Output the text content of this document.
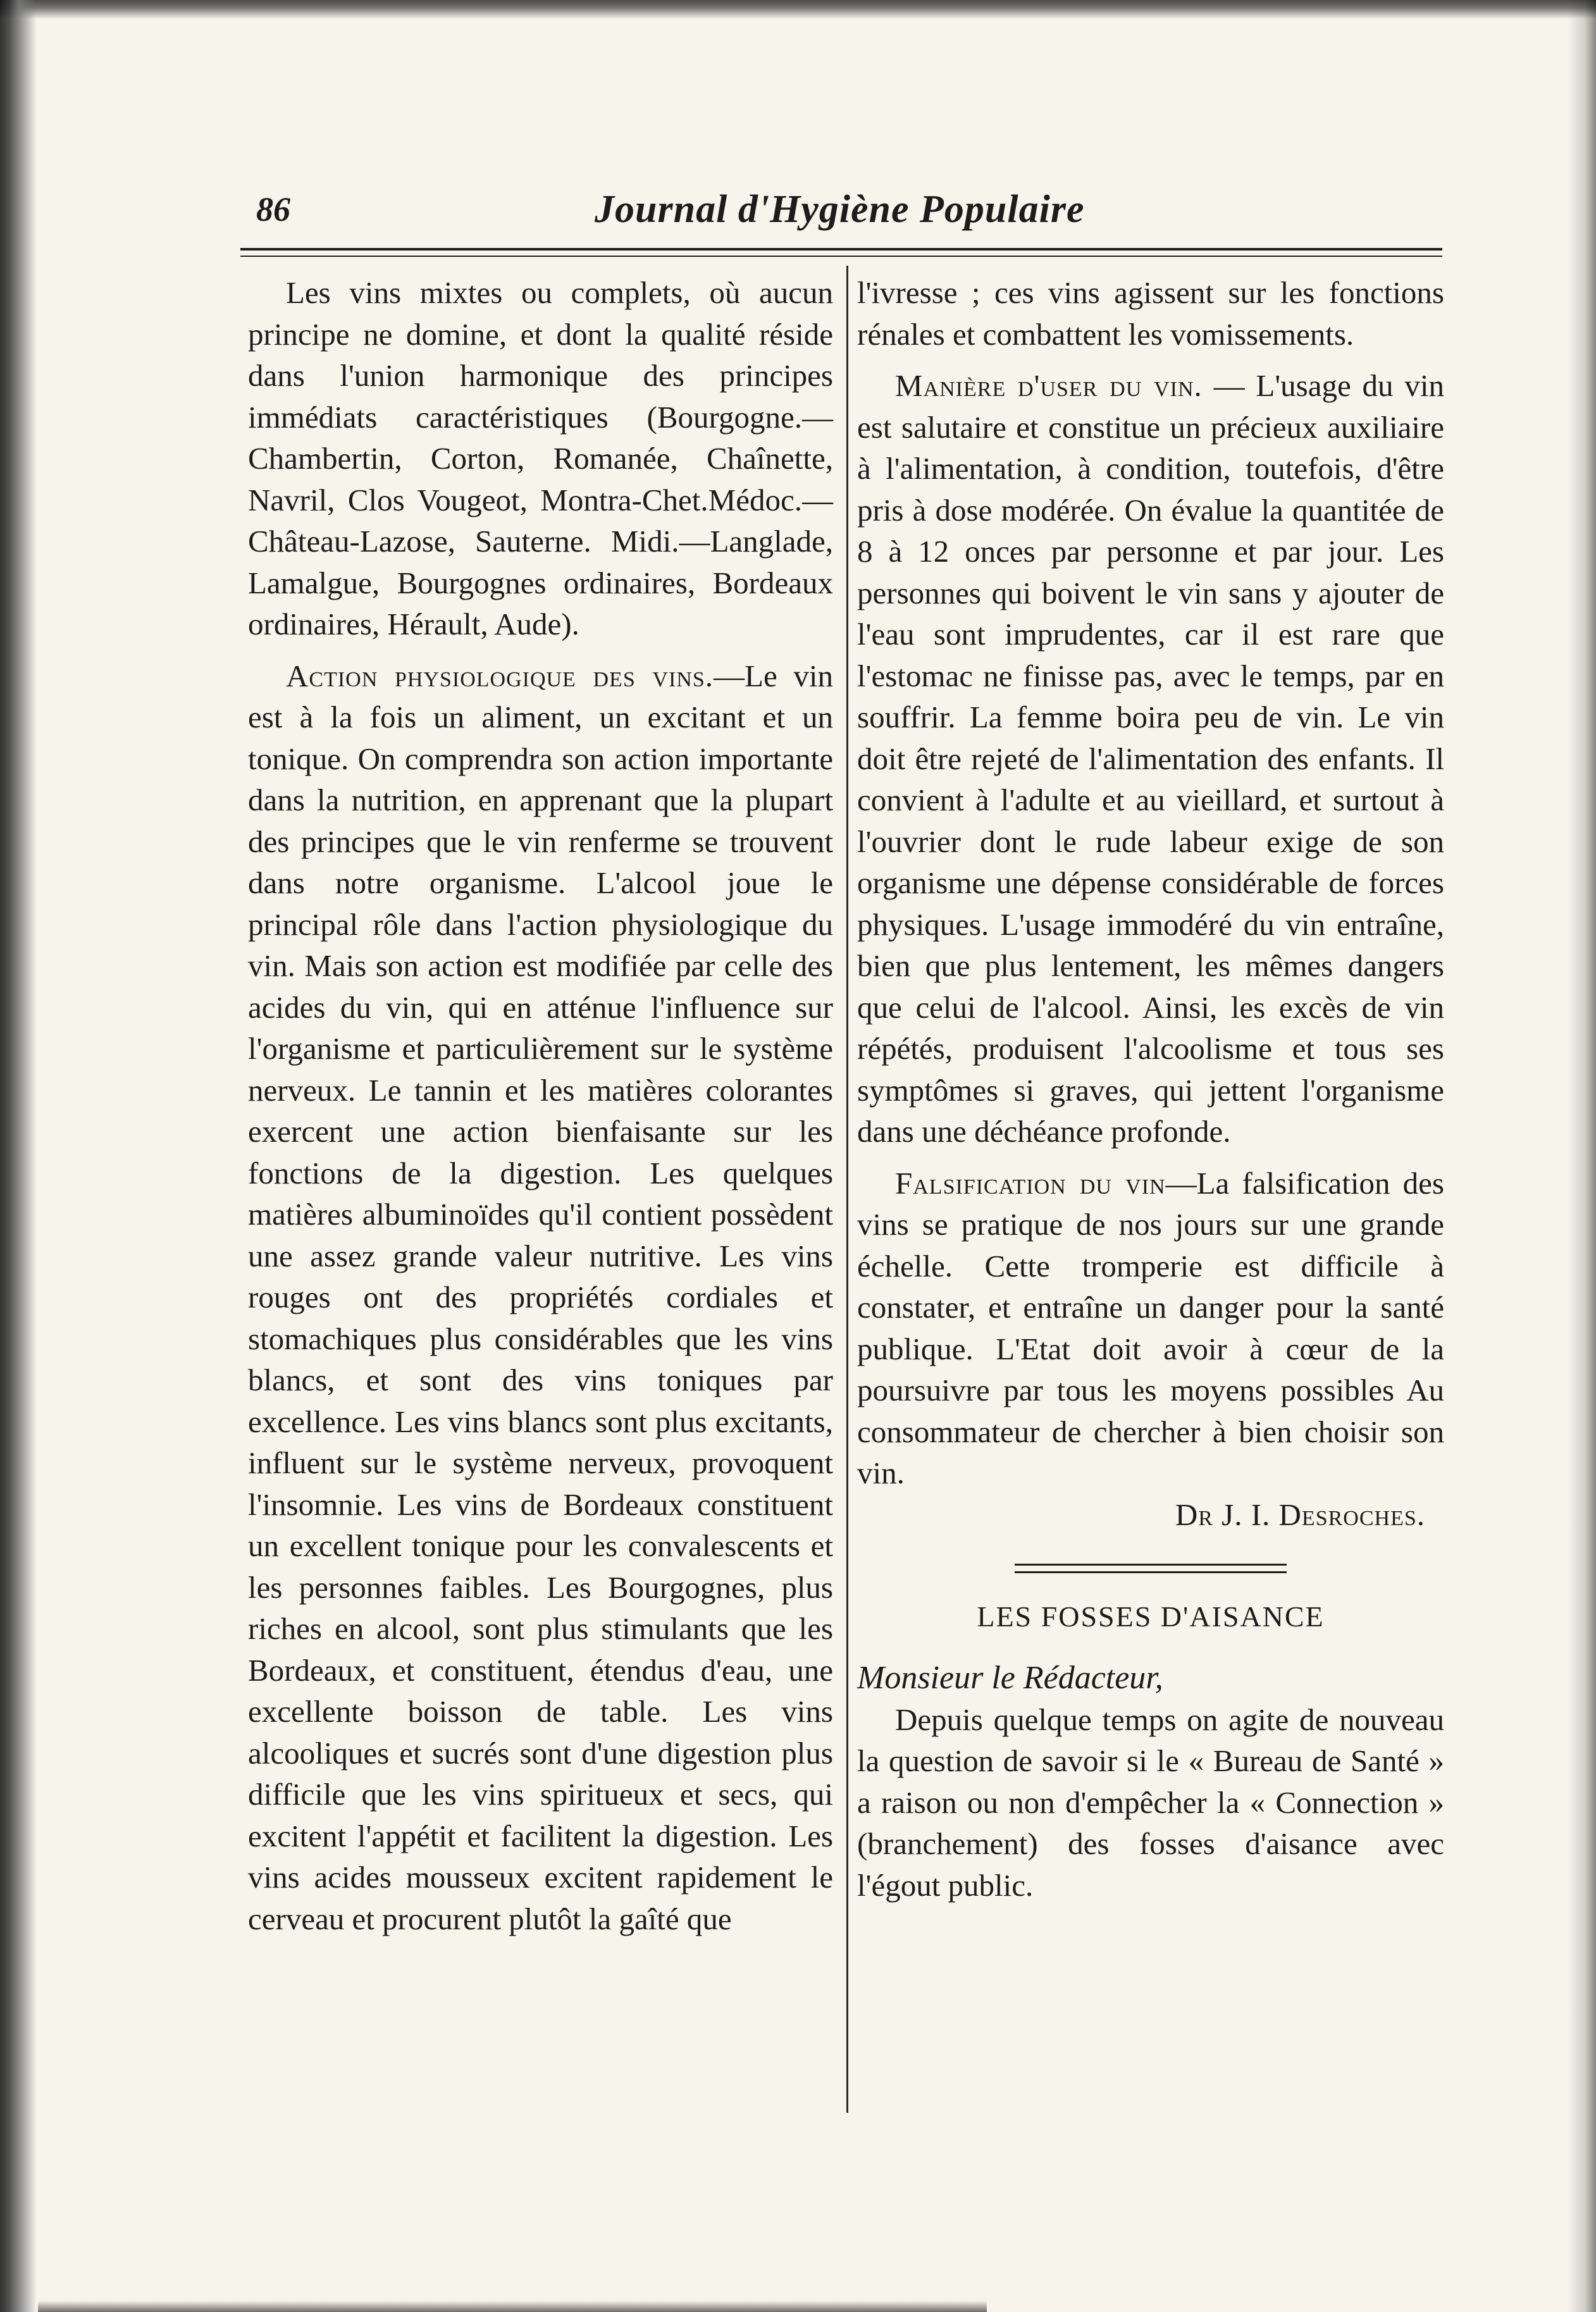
86	Journal d'Hygiène Populaire

Les vins mixtes ou complets, où aucun principe ne domine, et dont la qualité réside dans l'union harmonique des principes immédiats caractéristiques (Bourgogne.—Chambertin, Corton, Romanée, Chaînette, Navril, Clos Vougeot, Montra-Chet.Médoc.—Château-Lazose, Sauterne. Midi.—Langlade, Lamalgue, Bourgognes ordinaires, Bordeaux ordinaires, Hérault, Aude).

Action physiologique des vins.—Le vin est à la fois un aliment, un excitant et un tonique. On comprendra son action importante dans la nutrition, en apprenant que la plupart des principes que le vin renferme se trouvent dans notre organisme. L'alcool joue le principal rôle dans l'action physiologique du vin. Mais son action est modifiée par celle des acides du vin, qui en atténue l'influence sur l'organisme et particulièrement sur le système nerveux. Le tannin et les matières colorantes exercent une action bienfaisante sur les fonctions de la digestion. Les quelques matières albuminoïdes qu'il contient possèdent une assez grande valeur nutritive. Les vins rouges ont des propriétés cordiales et stomachiques plus considérables que les vins blancs, et sont des vins toniques par excellence. Les vins blancs sont plus excitants, influent sur le système nerveux, provoquent l'insomnie. Les vins de Bordeaux constituent un excellent tonique pour les convalescents et les personnes faibles. Les Bourgognes, plus riches en alcool, sont plus stimulants que les Bordeaux, et constituent, étendus d'eau, une excellente boisson de table. Les vins alcooliques et sucrés sont d'une digestion plus difficile que les vins spiritueux et secs, qui excitent l'appétit et facilitent la digestion. Les vins acides mousseux excitent rapidement le cerveau et procurent plutôt la gaîté que

l'ivresse ; ces vins agissent sur les fonctions rénales et combattent les vomissements.

Manière d'user du vin. — L'usage du vin est salutaire et constitue un précieux auxiliaire à l'alimentation, à condition, toutefois, d'être pris à dose modérée. On évalue la quantitée de 8 à 12 onces par personne et par jour. Les personnes qui boivent le vin sans y ajouter de l'eau sont imprudentes, car il est rare que l'estomac ne finisse pas, avec le temps, par en souffrir. La femme boira peu de vin. Le vin doit être rejeté de l'alimentation des enfants. Il convient à l'adulte et au vieillard, et surtout à l'ouvrier dont le rude labeur exige de son organisme une dépense considérable de forces physiques. L'usage immodéré du vin entraîne, bien que plus lentement, les mêmes dangers que celui de l'alcool. Ainsi, les excès de vin répétés, produisent l'alcoolisme et tous ses symptômes si graves, qui jettent l'organisme dans une déchéance profonde.

Falsification du vin—La falsification des vins se pratique de nos jours sur une grande échelle. Cette tromperie est difficile à constater, et entraîne un danger pour la santé publique. L'Etat doit avoir à cœur de la poursuivre par tous les moyens possibles Au consommateur de chercher à bien choisir son vin.

Dr J. I. Desroches.

LES FOSSES D'AISANCE

Monsieur le Rédacteur,

Depuis quelque temps on agite de nouveau la question de savoir si le « Bureau de Santé » a raison ou non d'empêcher la « Connection » (branchement) des fosses d'aisance avec l'égout public.
